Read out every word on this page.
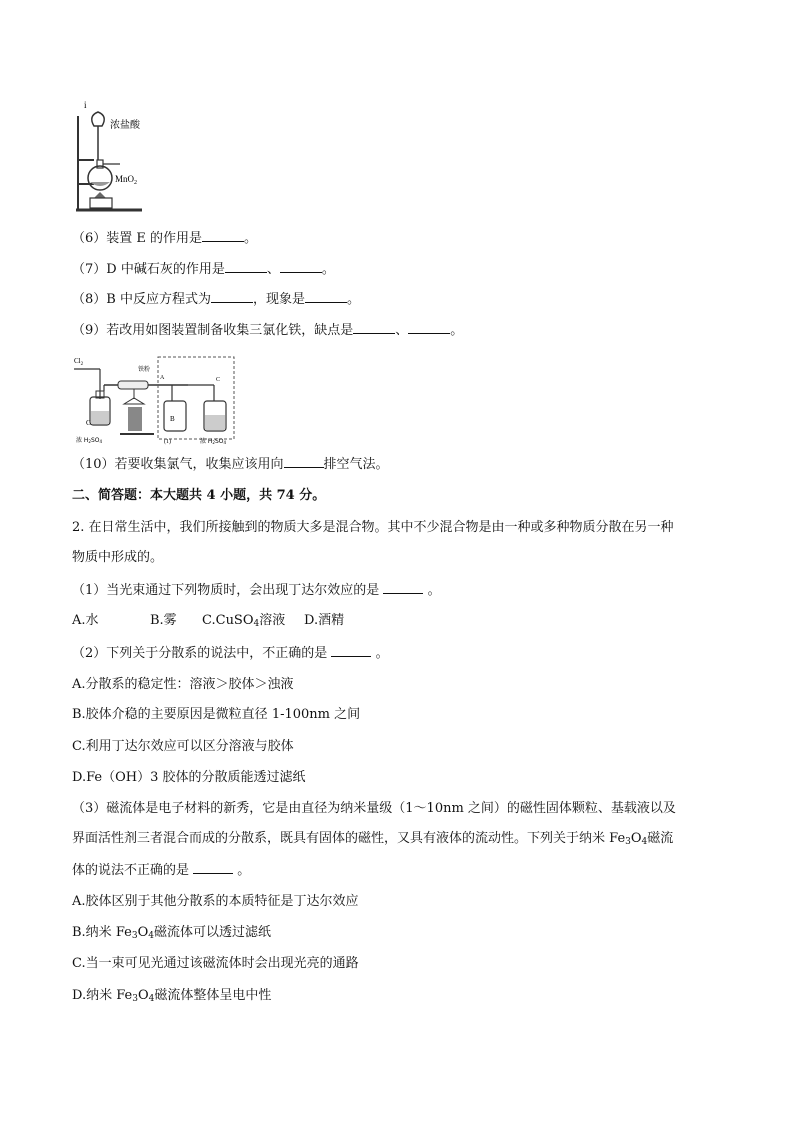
i
浓盐酸
MnO$_2$
（6）装置 E 的作用是	。
（7）D 中碱石灰的作用是	、	。
（8）B 中反应方程式为	，现象是	。
（9）若改用如图装置制备收集三氯化铁，缺点是	、	。
$Cl_2$
C
浓 H2SO4
铁粉
A
B
C
(1)	浓 H2SO4
（10）若要收集氯气，收集应该用向	排空气法。
二、简答题：本大题共 4 小题，共 74 分。
2. 在日常生活中，我们所接触到的物质大多是混合物。其中不少混合物是由一种或多种物质分散在另一种
物质中形成的。
（1）当光束通过下列物质时，会出现丁达尔效应的是	。
A.水	B.雾 C.CuSO$_4$溶液 D.酒精
（2）下列关于分散系的说法中，不正确的是	。
A.分散系的稳定性：溶液＞胶体＞浊液
B.胶体介稳的主要原因是微粒直径 1-100nm 之间
C.利用丁达尔效应可以区分溶液与胶体
D.Fe（OH）3 胶体的分散质能透过滤纸
（3）磁流体是电子材料的新秀，它是由直径为纳米量级（1～10nm 之间）的磁性固体颗粒、基载液以及
界面活性剂三者混合而成的分散系，既具有固体的磁性，又具有液体的流动性。下列关于纳米 $Fe_3O_4$磁流
体的说法不正确的是	。
A.胶体区别于其他分散系的本质特征是丁达尔效应
B.纳米 $Fe_3O_4$磁流体可以透过滤纸
C.当一束可见光通过该磁流体时会出现光亮的通路
D.纳米 $Fe_3O_4$磁流体整体呈电中性
